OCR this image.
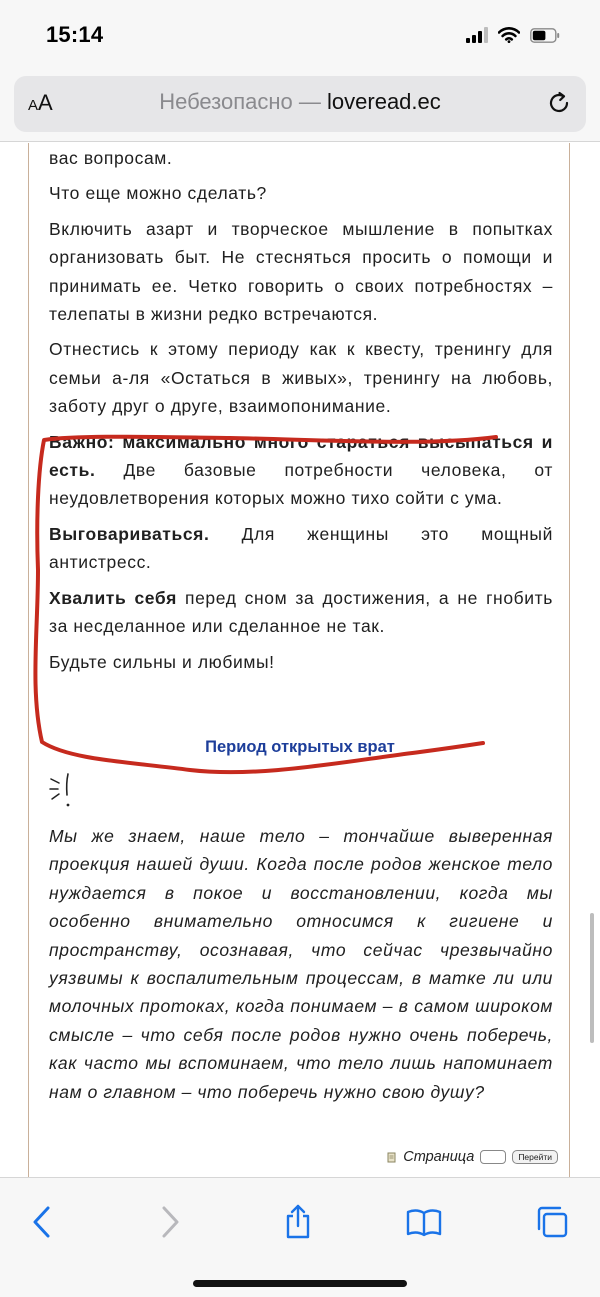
15:14
AA	Небезопасно — loveread.ec

вас вопросам.

Что еще можно сделать?

Включить азарт и творческое мышление в попытках организовать быт. Не стесняться просить о помощи и принимать ее. Четко говорить о своих потребностях – телепаты в жизни редко встречаются.

Отнестись к этому периоду как к квесту, тренингу для семьи а-ля «Остаться в живых», тренингу на любовь, заботу друг о друге, взаимопонимание.

Важно: максимально много стараться высыпаться и есть. Две базовые потребности человека, от неудовлетворения которых можно тихо сойти с ума.

Выговариваться. Для женщины это мощный антистресс.

Хвалить себя перед сном за достижения, а не гнобить за несделанное или сделанное не так.

Будьте сильны и любимы!

Период открытых врат
Мы же знаем, наше тело – тончайше выверенная проекция нашей души. Когда после родов женское тело нуждается в покое и восстановлении, когда мы особенно внимательно относимся к гигиене и пространству, осознавая, что сейчас чрезвычайно уязвимы к воспалительным процессам, в матке ли или молочных протоках, когда понимаем – в самом широком смысле – что себя после родов нужно очень поберечь, как часто мы вспоминаем, что тело лишь напоминает нам о главном – что поберечь нужно свою душу?
Страница	Перейти
